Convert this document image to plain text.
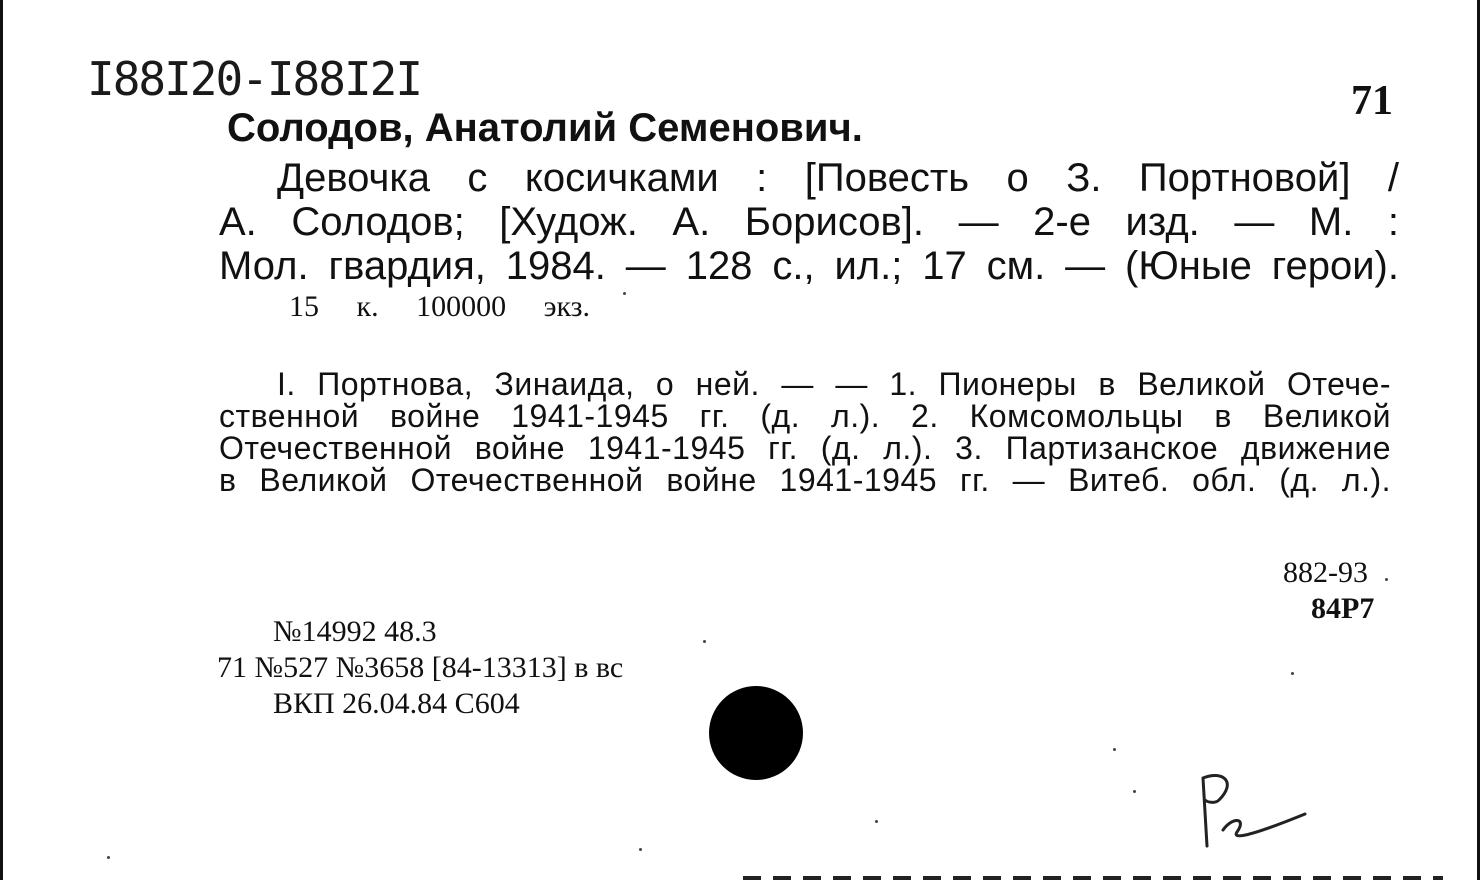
I88I20-I88I2I	71
Солодов, Анатолий Семенович.
Девочка с косичками : [Повесть о З. Портновой] /
А. Солодов; [Худож. А. Борисов]. — 2-е изд. — М. :
Мол. гвардия, 1984. — 128 с., ил.; 17 см. — (Юные герои).
15 к. 100000 экз.
I. Портнова, Зинаида, о ней. — — 1. Пионеры в Великой Отече-
ственной войне 1941-1945 гг. (д. л.). 2. Комсомольцы в Великой
Отечественной войне 1941-1945 гг. (д. л.). 3. Партизанское движение
в Великой Отечественной войне 1941-1945 гг. — Витеб. обл. (д. л.).
882-93
84Р7
№14992 48.3
71 №527 №3658 [84-13313] в вс
ВКП 26.04.84 С604
